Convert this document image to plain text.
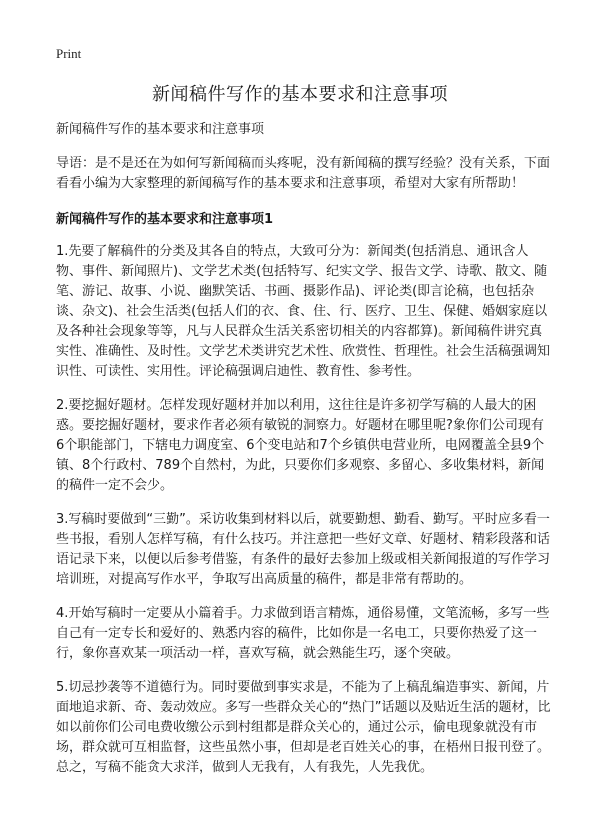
Print
新闻稿件写作的基本要求和注意事项

新闻稿件写作的基本要求和注意事项

导语：是不是还在为如何写新闻稿而头疼呢，没有新闻稿的撰写经验？没有关系，下面看看小编为大家整理的新闻稿写作的基本要求和注意事项，希望对大家有所帮助！

新闻稿件写作的基本要求和注意事项1

1.先要了解稿件的分类及其各自的特点，大致可分为：新闻类(包括消息、通讯含人物、事件、新闻照片)、文学艺术类(包括特写、纪实文学、报告文学、诗歌、散文、随笔、游记、故事、小说、幽默笑话、书画、摄影作品)、评论类(即言论稿，也包括杂谈、杂文)、社会生活类(包括人们的衣、食、住、行、医疗、卫生、保健、婚姻家庭以及各种社会现象等等，凡与人民群众生活关系密切相关的内容都算)。新闻稿件讲究真实性、准确性、及时性。文学艺术类讲究艺术性、欣赏性、哲理性。社会生活稿强调知识性、可读性、实用性。评论稿强调启迪性、教育性、参考性。

2.要挖掘好题材。怎样发现好题材并加以利用，这往往是许多初学写稿的人最大的困惑。要挖掘好题材，要求作者必须有敏锐的洞察力。好题材在哪里呢?象你们公司现有6个职能部门，下辖电力调度室、6个变电站和7个乡镇供电营业所，电网覆盖全县9个镇、8个行政村、789个自然村，为此，只要你们多观察、多留心、多收集材料，新闻的稿件一定不会少。

3.写稿时要做到“三勤”。采访收集到材料以后，就要勤想、勤看、勤写。平时应多看一些书报，看别人怎样写稿，有什么技巧。并注意把一些好文章、好题材、精彩段落和话语记录下来，以便以后参考借鉴，有条件的最好去参加上级或相关新闻报道的写作学习培训班，对提高写作水平，争取写出高质量的稿件，都是非常有帮助的。

4.开始写稿时一定要从小篇着手。力求做到语言精炼，通俗易懂，文笔流畅，多写一些自己有一定专长和爱好的、熟悉内容的稿件，比如你是一名电工，只要你热爱了这一行，象你喜欢某一项活动一样，喜欢写稿，就会熟能生巧，逐个突破。

5.切忌抄袭等不道德行为。同时要做到事实求是，不能为了上稿乱编造事实、新闻，片面地追求新、奇、轰动效应。多写一些群众关心的“热门”话题以及贴近生活的题材，比如以前你们公司电费收缴公示到村组都是群众关心的，通过公示，偷电现象就没有市场，群众就可互相监督，这些虽然小事，但却是老百姓关心的事，在梧州日报刊登了。总之，写稿不能贪大求洋，做到人无我有，人有我先，人先我优。
